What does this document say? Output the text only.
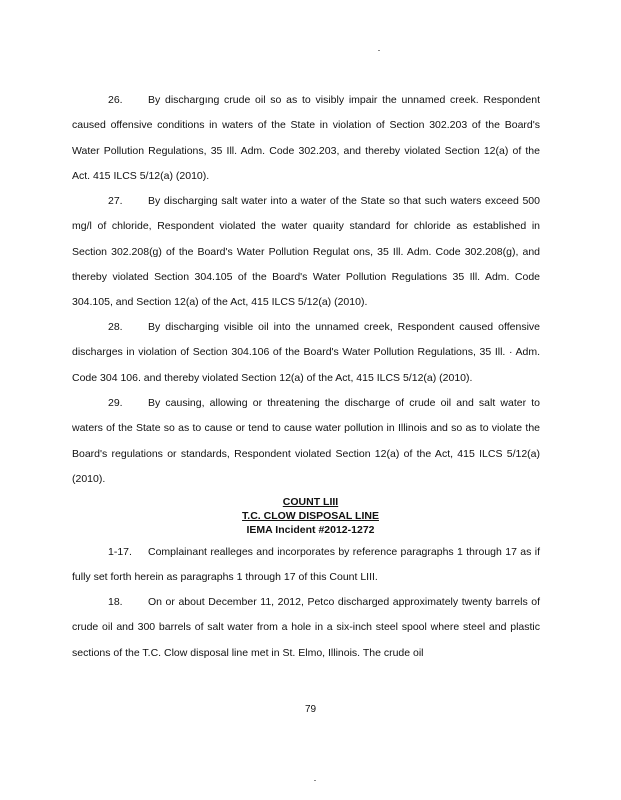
26. By dischargıng crude oil so as to visibly impair the unnamed creek. Respondent caused offensive conditions in waters of the State in violation of Section 302.203 of the Board's Water Pollution Regulations, 35 Ill. Adm. Code 302.203, and thereby violated Section 12(a) of the Act. 415 ILCS 5/12(a) (2010).
27. By discharging salt water into a water of the State so that such waters exceed 500 mg/l of chloride, Respondent violated the water quaıity standard for chloride as established in Section 302.208(g) of the Board's Water Pollution Regulat ons, 35 Ill. Adm. Code 302.208(g), and thereby violated Section 304.105 of the Board's Water Pollution Regulations 35 Ill. Adm. Code 304.105, and Section 12(a) of the Act, 415 ILCS 5/12(a) (2010).
28. By discharging visible oil into the unnamed creek, Respondent caused offensive discharges in violation of Section 304.106 of the Board's Water Pollution Regulations, 35 Ill. · Adm. Code 304 106. and thereby violated Section 12(a) of the Act, 415 ILCS 5/12(a) (2010).
29. By causing, allowing or threatening the discharge of crude oil and salt water to waters of the State so as to cause or tend to cause water pollution in Illinois and so as to violate the Board's regulations or standards, Respondent violated Section 12(a) of the Act, 415 ILCS 5/12(a) (2010).
COUNT LIII
T.C. CLOW DISPOSAL LINE
IEMA Incident #2012-1272
1-17. Complainant realleges and incorporates by reference paragraphs 1 through 17 as if fully set forth herein as paragraphs 1 through 17 of this Count LIII.
18. On or about December 11, 2012, Petco discharged approximately twenty barrels of crude oil and 300 barrels of salt water from a hole in a six-inch steel spool where steel and plastic sections of the T.C. Clow disposal line met in St. Elmo, Illinois. The crude oil
79
